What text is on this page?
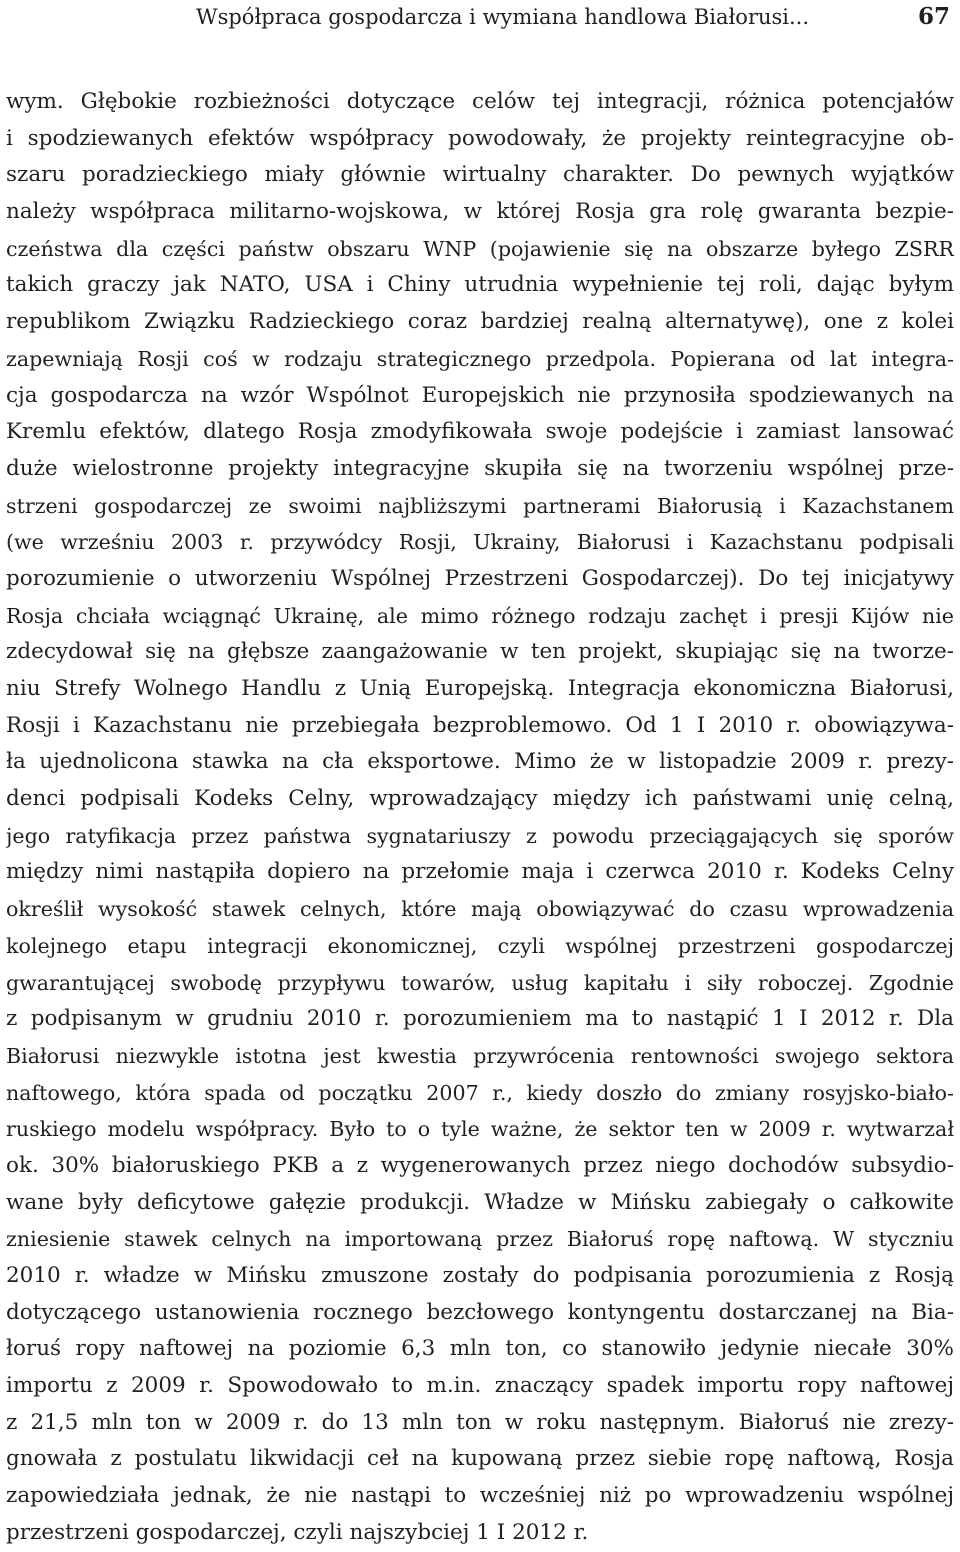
Współpraca gospodarcza i wymiana handlowa Białorusi...	67
wym. Głębokie rozbieżności dotyczące celów tej integracji, różnica potencjałów
i spodziewanych efektów współpracy powodowały, że projekty reintegracyjne ob-
szaru poradzieckiego miały głównie wirtualny charakter. Do pewnych wyjątków
należy współpraca militarno-wojskowa, w której Rosja gra rolę gwaranta bezpie-
czeństwa dla części państw obszaru WNP (pojawienie się na obszarze byłego ZSRR
takich graczy jak NATO, USA i Chiny utrudnia wypełnienie tej roli, dając byłym
republikom Związku Radzieckiego coraz bardziej realną alternatywę), one z kolei
zapewniają Rosji coś w rodzaju strategicznego przedpola. Popierana od lat integra-
cja gospodarcza na wzór Wspólnot Europejskich nie przynosiła spodziewanych na
Kremlu efektów, dlatego Rosja zmodyfikowała swoje podejście i zamiast lansować
duże wielostronne projekty integracyjne skupiła się na tworzeniu wspólnej prze-
strzeni gospodarczej ze swoimi najbliższymi partnerami Białorusią i Kazachstanem
(we wrześniu 2003 r. przywódcy Rosji, Ukrainy, Białorusi i Kazachstanu podpisali
porozumienie o utworzeniu Wspólnej Przestrzeni Gospodarczej). Do tej inicjatywy
Rosja chciała wciągnąć Ukrainę, ale mimo różnego rodzaju zachęt i presji Kijów nie
zdecydował się na głębsze zaangażowanie w ten projekt, skupiając się na tworze-
niu Strefy Wolnego Handlu z Unią Europejską. Integracja ekonomiczna Białorusi,
Rosji i Kazachstanu nie przebiegała bezproblemowo. Od 1 I 2010 r. obowiązywa-
ła ujednolicona stawka na cła eksportowe. Mimo że w listopadzie 2009 r. prezy-
denci podpisali Kodeks Celny, wprowadzający między ich państwami unię celną,
jego ratyfikacja przez państwa sygnatariuszy z powodu przeciągających się sporów
między nimi nastąpiła dopiero na przełomie maja i czerwca 2010 r. Kodeks Celny
określił wysokość stawek celnych, które mają obowiązywać do czasu wprowadzenia
kolejnego etapu integracji ekonomicznej, czyli wspólnej przestrzeni gospodarczej
gwarantującej swobodę przypływu towarów, usług kapitału i siły roboczej. Zgodnie
z podpisanym w grudniu 2010 r. porozumieniem ma to nastąpić 1 I 2012 r. Dla
Białorusi niezwykle istotna jest kwestia przywrócenia rentowności swojego sektora
naftowego, która spada od początku 2007 r., kiedy doszło do zmiany rosyjsko-biało-
ruskiego modelu współpracy. Było to o tyle ważne, że sektor ten w 2009 r. wytwarzał
ok. 30% białoruskiego PKB a z wygenerowanych przez niego dochodów subsydio-
wane były deficytowe gałęzie produkcji. Władze w Mińsku zabiegały o całkowite
zniesienie stawek celnych na importowaną przez Białoruś ropę naftową. W styczniu
2010 r. władze w Mińsku zmuszone zostały do podpisania porozumienia z Rosją
dotyczącego ustanowienia rocznego bezcłowego kontyngentu dostarczanej na Bia-
łoruś ropy naftowej na poziomie 6,3 mln ton, co stanowiło jedynie niecałe 30%
importu z 2009 r. Spowodowało to m.in. znaczący spadek importu ropy naftowej
z 21,5 mln ton w 2009 r. do 13 mln ton w roku następnym. Białoruś nie zrezy-
gnowała z postulatu likwidacji ceł na kupowaną przez siebie ropę naftową, Rosja
zapowiedziała jednak, że nie nastąpi to wcześniej niż po wprowadzeniu wspólnej
przestrzeni gospodarczej, czyli najszybciej 1 I 2012 r.
